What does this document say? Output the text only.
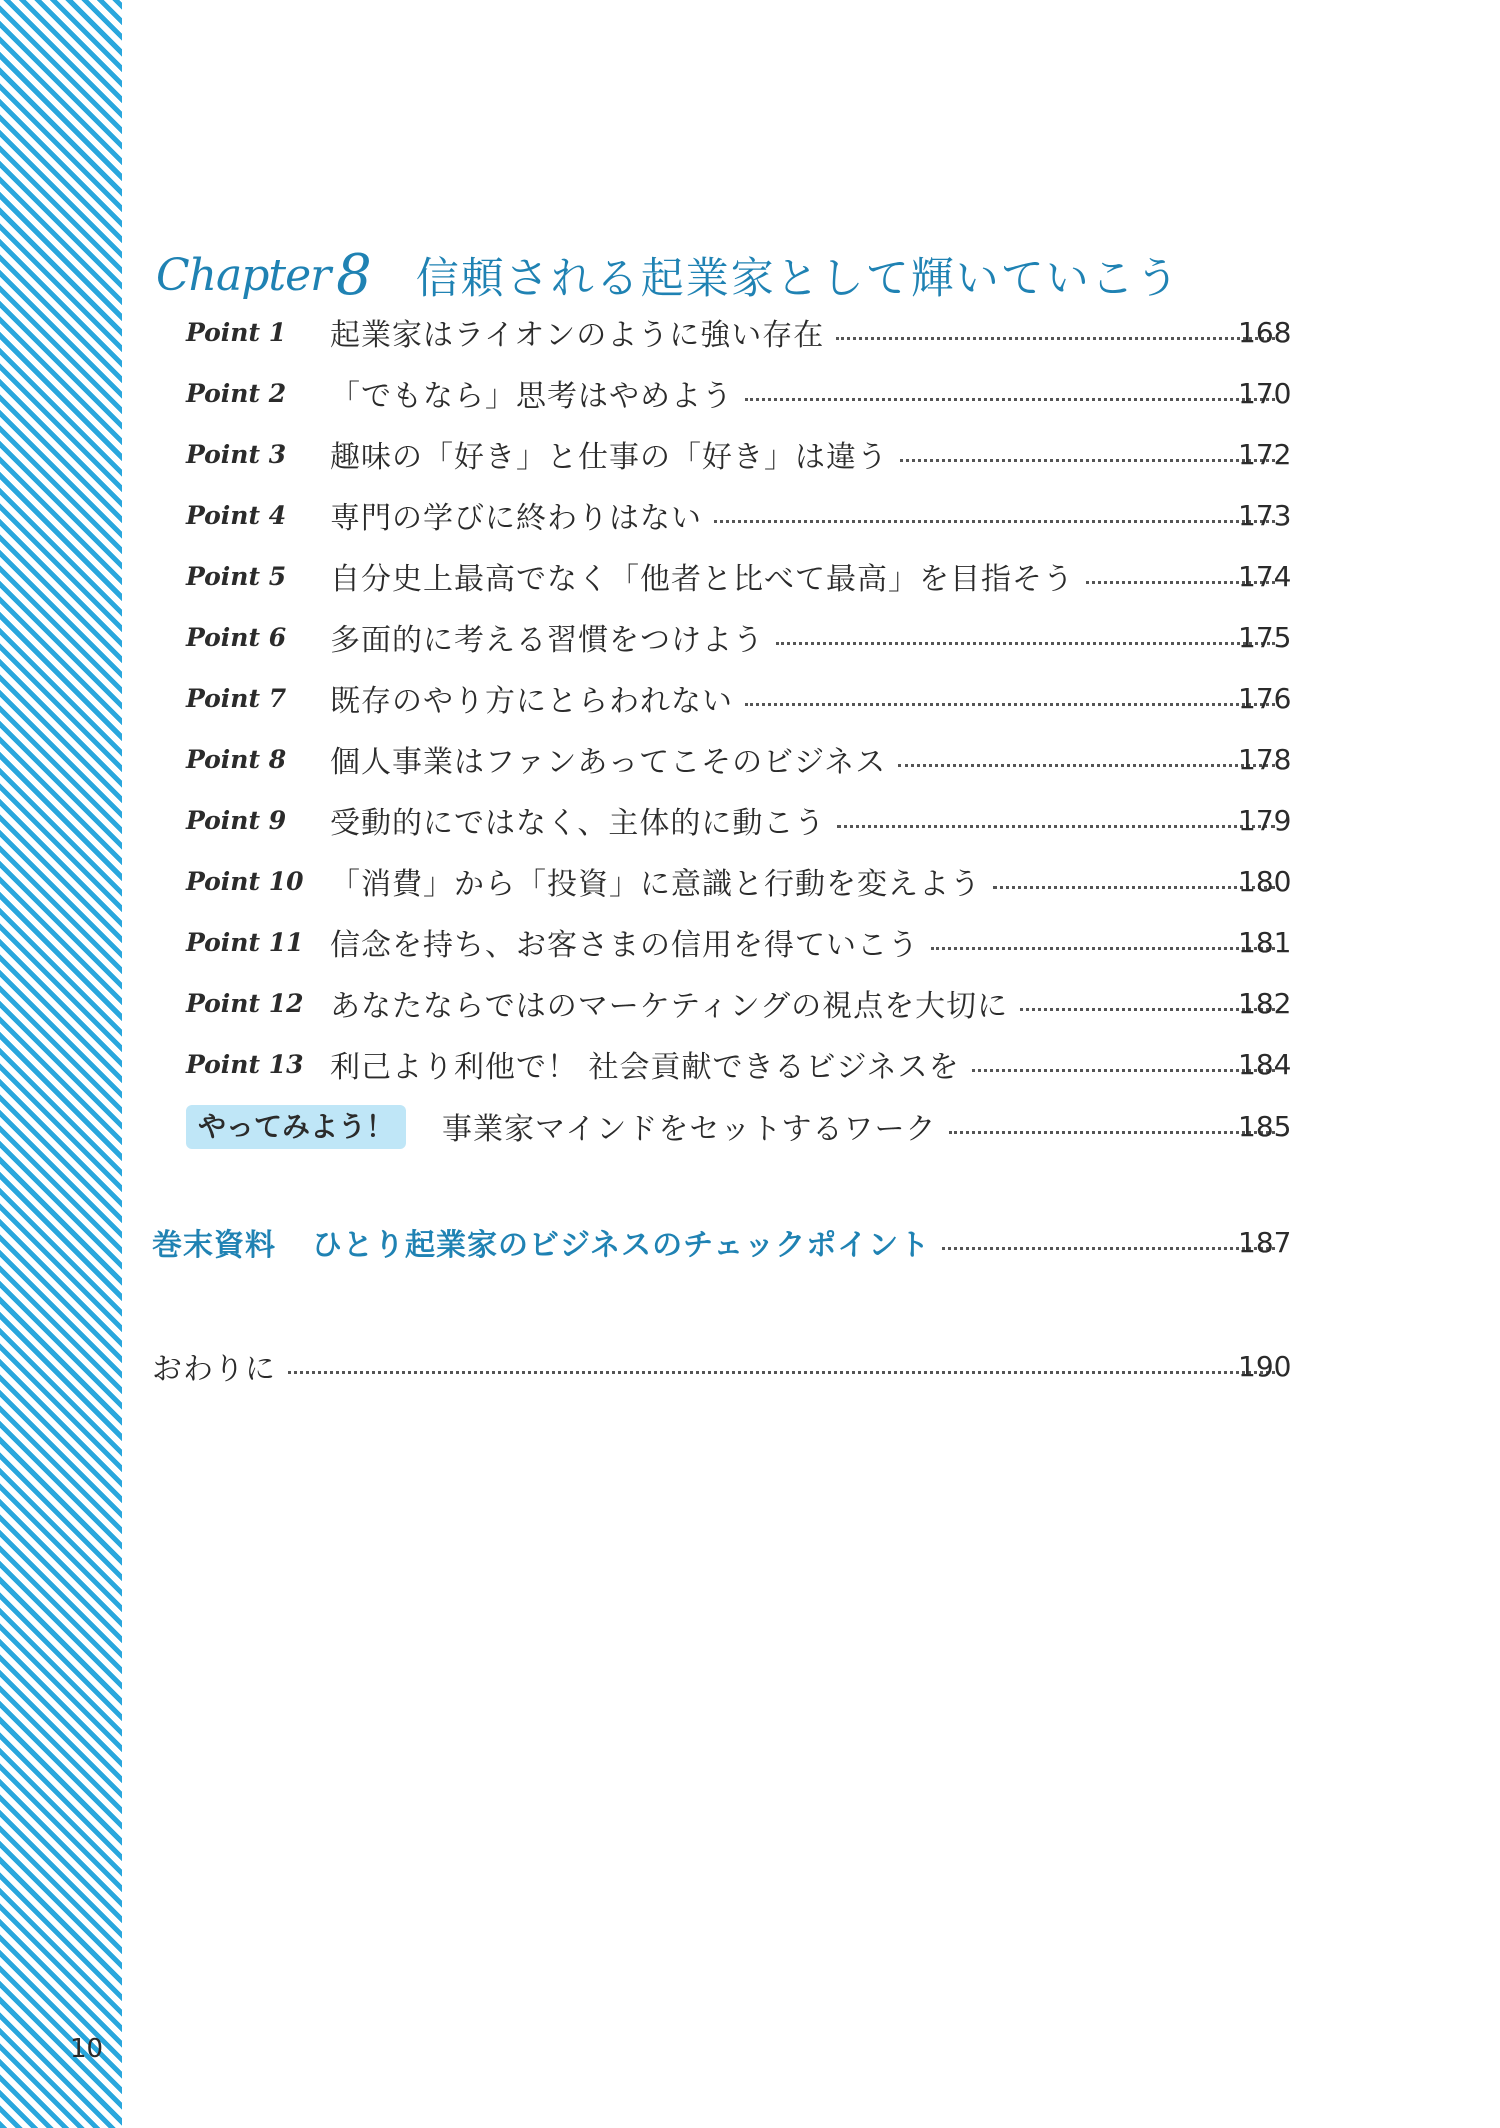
Chapter 8 信頼される起業家として輝いていこう
Point 1 起業家はライオンのように強い存在	168
Point 2 「でもなら」思考はやめよう	170
Point 3 趣味の「好き」と仕事の「好き」は違う	172
Point 4 専門の学びに終わりはない	173
Point 5 自分史上最高でなく「他者と比べて最高」を目指そう	174
Point 6 多面的に考える習慣をつけよう	175
Point 7 既存のやり方にとらわれない	176
Point 8 個人事業はファンあってこそのビジネス	178
Point 9 受動的にではなく、主体的に動こう	179
Point 10 「消費」から「投資」に意識と行動を変えよう	180
Point 11 信念を持ち、お客さまの信用を得ていこう	181
Point 12 あなたならではのマーケティングの視点を大切に	182
Point 13 利己より利他で！ 社会貢献できるビジネスを	184
やってみよう！	事業家マインドをセットするワーク	185
巻末資料 ひとり起業家のビジネスのチェックポイント	187
おわりに	190
10
